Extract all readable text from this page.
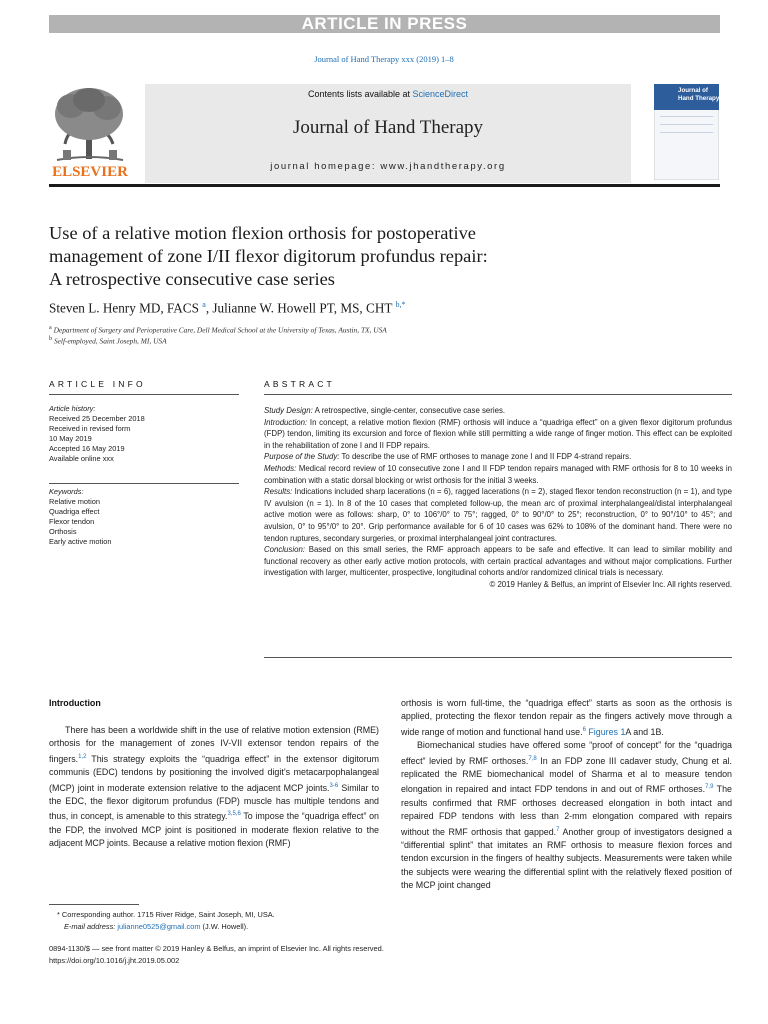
ARTICLE IN PRESS
Journal of Hand Therapy xxx (2019) 1–8
ELSEVIER
Contents lists available at ScienceDirect
Journal of Hand Therapy
journal homepage: www.jhandtherapy.org
Journal of
Hand Therapy
Use of a relative motion flexion orthosis for postoperative
management of zone I/II flexor digitorum profundus repair:
A retrospective consecutive case series
Steven L. Henry MD, FACS $^a$, Julianne W. Howell PT, MS, CHT $^{b,*}$
$^a$ Department of Surgery and Perioperative Care, Dell Medical School at the University of Texas, Austin, TX, USA
$^b$ Self-employed, Saint Joseph, MI, USA
ARTICLE INFO	ABSTRACT
Article history:
Received 25 December 2018
Received in revised form
10 May 2019
Accepted 16 May 2019
Available online xxx
Keywords:
Relative motion
Quadriga effect
Flexor tendon
Orthosis
Early active motion

Study Design: A retrospective, single-center, consecutive case series.

Introduction: In concept, a relative motion flexion (RMF) orthosis will induce a “quadriga effect” on a given flexor digitorum profundus (FDP) tendon, limiting its excursion and force of flexion while still permitting a wide range of finger motion. This effect can be exploited in the rehabilitation of zone I and II FDP repairs.

Purpose of the Study: To describe the use of RMF orthoses to manage zone I and II FDP 4-strand repairs.

Methods: Medical record review of 10 consecutive zone I and II FDP tendon repairs managed with RMF orthosis for 8 to 10 weeks in combination with a static dorsal blocking or wrist orthosis for the initial 3 weeks.

Results: Indications included sharp lacerations (n = 6), ragged lacerations (n = 2), staged flexor tendon reconstruction (n = 1), and type IV avulsion (n = 1). In 8 of the 10 cases that completed follow-up, the mean arc of proximal interphalangeal/distal interphalangeal active motion were as follows: sharp, 0° to 106°/0° to 75°; ragged, 0° to 90°/0° to 25°; reconstruction, 0° to 90°/10° to 45°; and avulsion, 0° to 95°/0° to 20°. Grip performance available for 6 of 10 cases was 62% to 108% of the dominant hand. There were no tendon ruptures, secondary surgeries, or proximal interphalangeal joint contractures.

Conclusion: Based on this small series, the RMF approach appears to be safe and effective. It can lead to similar mobility and functional recovery as other early active motion protocols, with certain practical advantages and without major complications. Further investigation with larger, multicenter, prospective, longitudinal cohorts and/or randomized clinical trials is necessary.

© 2019 Hanley & Belfus, an imprint of Elsevier Inc. All rights reserved.

Introduction

There has been a worldwide shift in the use of relative motion extension (RME) orthosis for the management of zones IV-VII extensor tendon repairs of the fingers.$^{1,2}$ This strategy exploits the “quadriga effect” in the extensor digitorum communis (EDC) tendons by positioning the involved digit’s metacarpophalangeal (MCP) joint in moderate extension relative to the adjacent MCP joints.$^{3-6}$ Similar to the EDC, the flexor digitorum profundus (FDP) muscle has multiple tendons and thus, in concept, is amenable to this strategy.$^{3,5,6}$ To impose the “quadriga effect” on the FDP, the involved MCP joint is positioned in moderate flexion relative to the adjacent MCP joints. Because a relative motion flexion (RMF)

orthosis is worn full-time, the “quadriga effect” starts as soon as the orthosis is applied, protecting the flexor tendon repair as the fingers actively move through a wide range of motion and functional hand use.$^6$ Figures 1A and 1B.

Biomechanical studies have offered some “proof of concept” for the “quadriga effect” levied by RMF orthoses.$^{7,8}$ In an FDP zone III cadaver study, Chung et al. replicated the RME biomechanical model of Sharma et al to measure tendon elongation in repaired and intact FDP tendons in and out of RMF orthoses.$^{7,9}$ The results confirmed that RMF orthoses decreased elongation in both intact and repaired FDP tendons with less than 2-mm elongation compared with repairs without the RMF orthosis that gapped.$^7$ Another group of investigators designed a “differential splint” that imitates an RMF orthosis to measure flexion forces and tendon excursion in the fingers of healthy subjects. Measurements were taken while the subjects were wearing the differential splint with the relatively flexed position of the MCP joint changed

* Corresponding author. 1715 River Ridge, Saint Joseph, MI, USA.
E-mail address: julianne0525@gmail.com (J.W. Howell).
0894-1130/$ — see front matter © 2019 Hanley & Belfus, an imprint of Elsevier Inc. All rights reserved.
https://doi.org/10.1016/j.jht.2019.05.002
